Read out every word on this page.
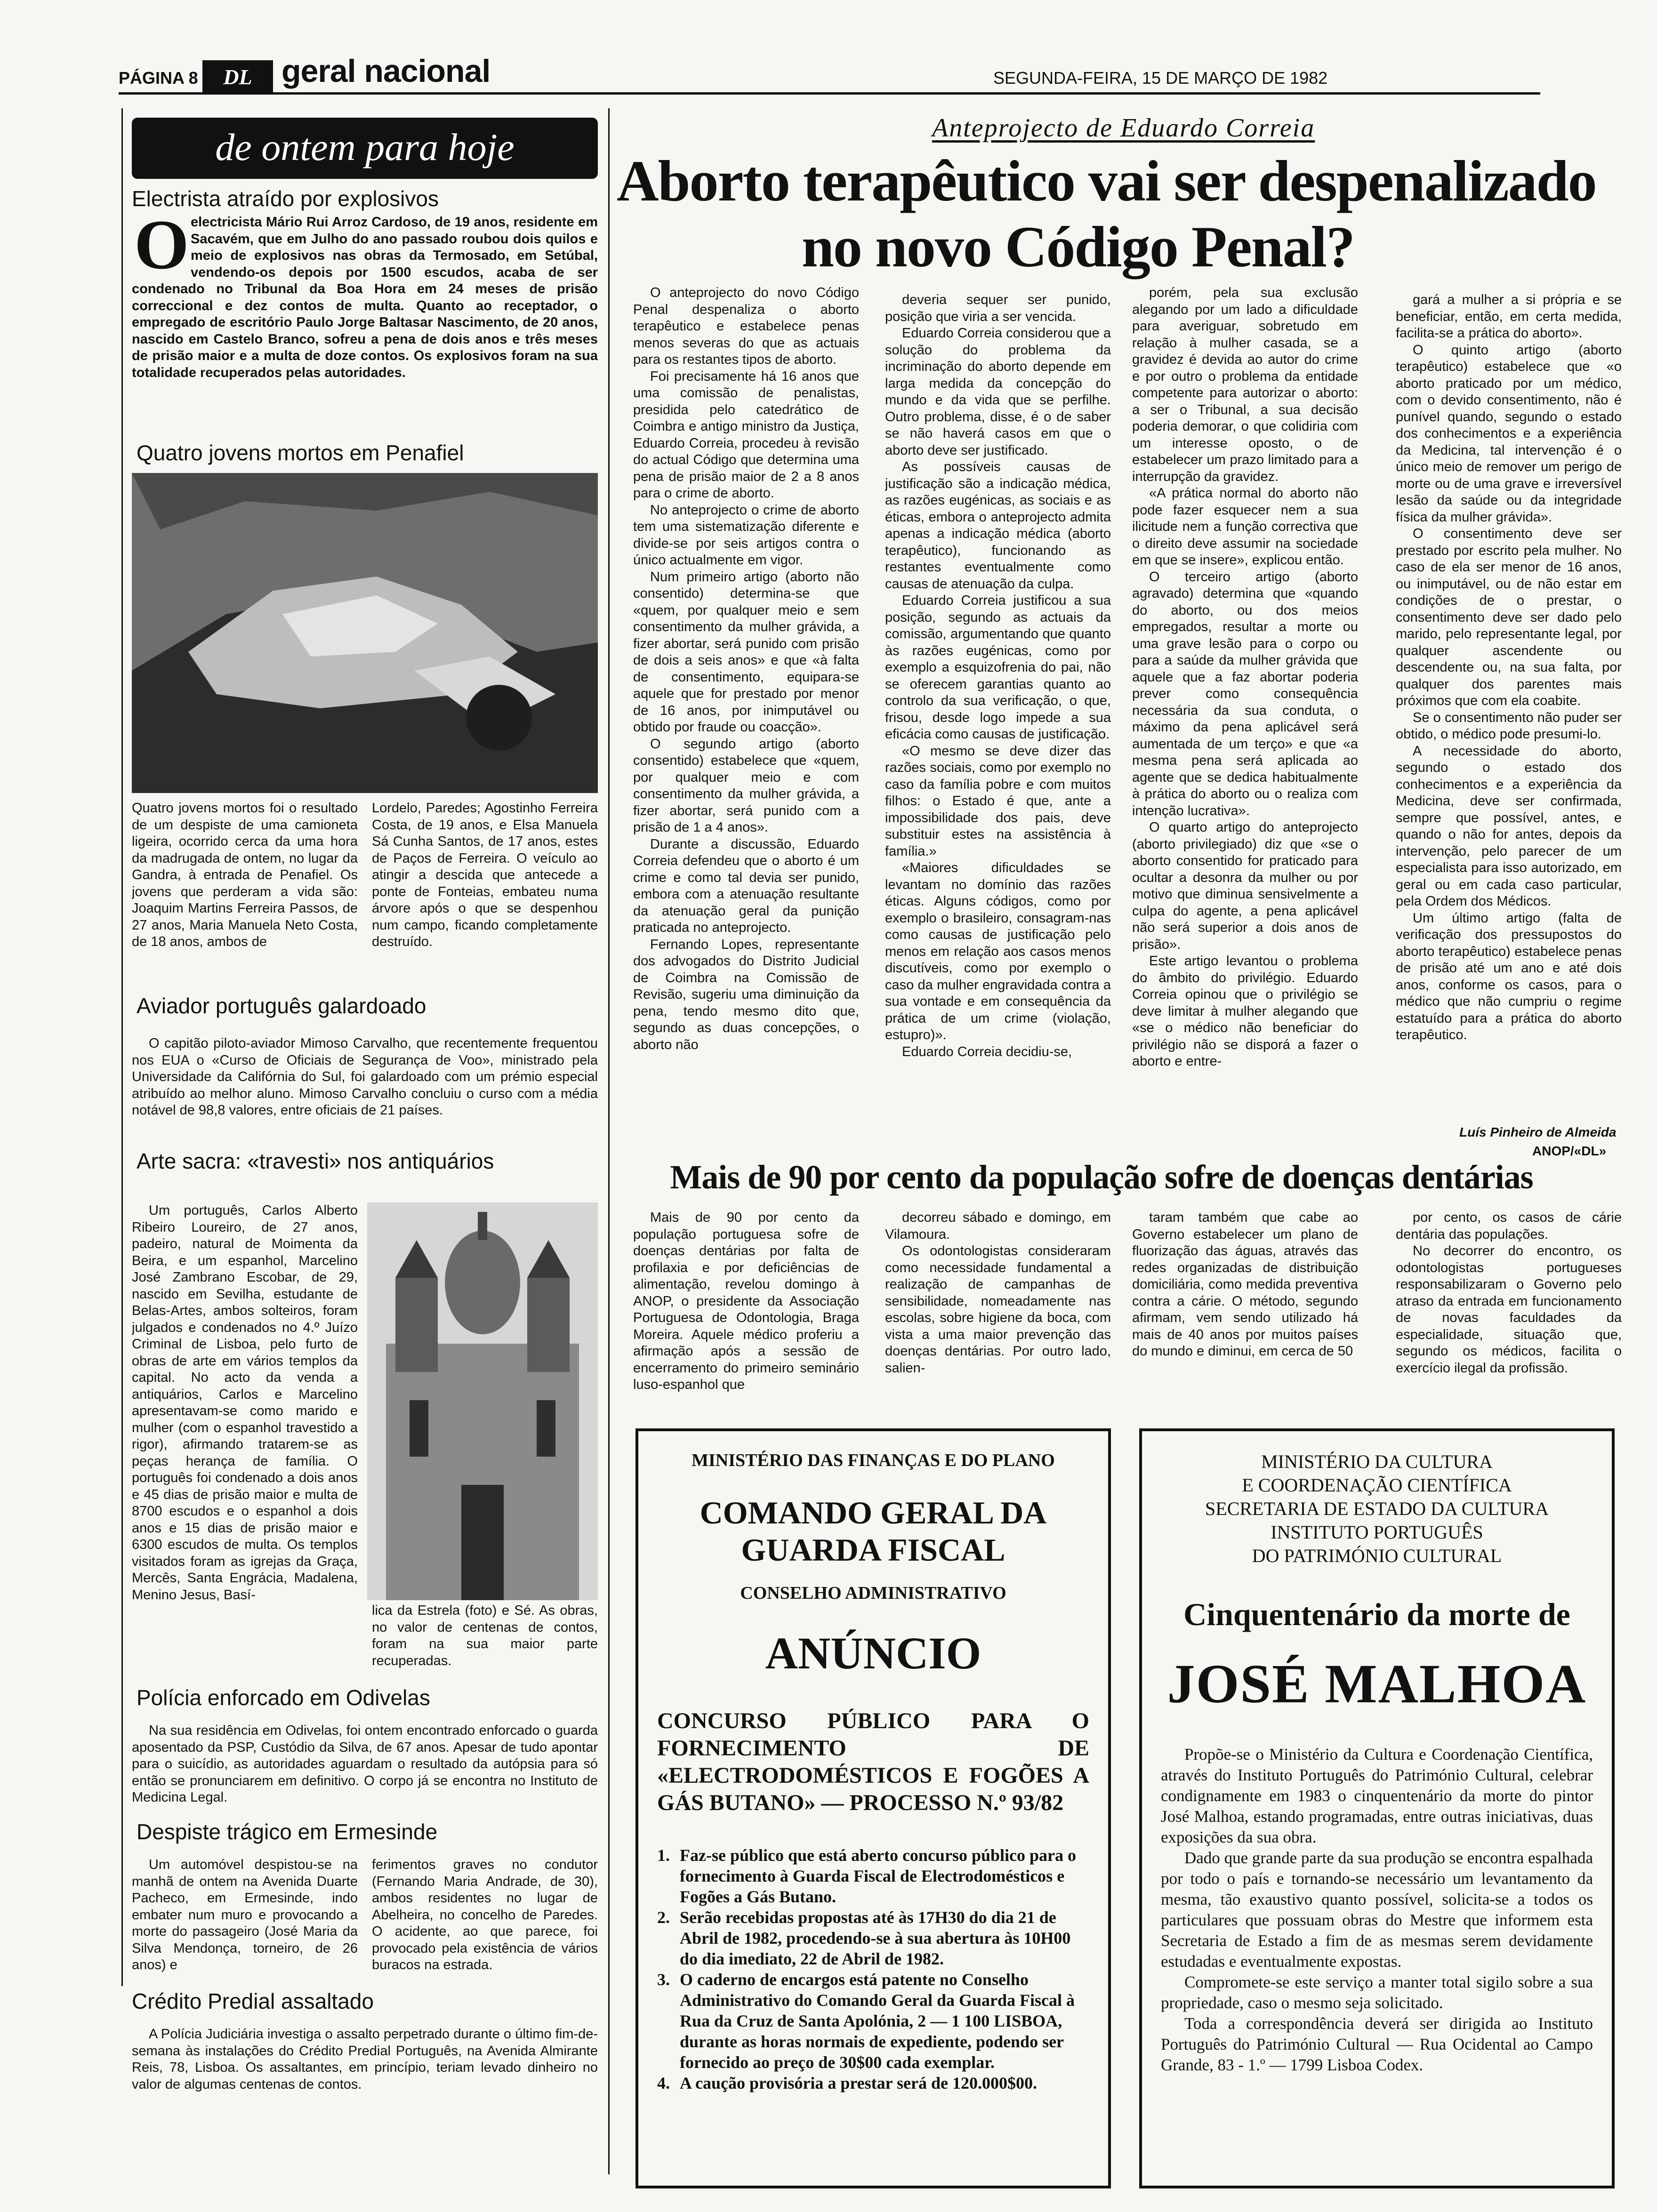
PÁGINA 8	DL geral nacional	SEGUNDA-FEIRA, 15 DE MARÇO DE 1982
de ontem para hoje
Electrista atraído por explosivos
O electricista Mário Rui Arroz Cardoso, de 19 anos, residente em Sacavém, que em Julho do ano passado roubou dois quilos e meio de explosivos nas obras da Termosado, em Setúbal, vendendo-os depois por 1500 escudos, acaba de ser condenado no Tribunal da Boa Hora em 24 meses de prisão correccional e dez contos de multa. Quanto ao receptador, o empregado de escritório Paulo Jorge Baltasar Nascimento, de 20 anos, nascido em Castelo Branco, sofreu a pena de dois anos e três meses de prisão maior e a multa de doze contos. Os explosivos foram na sua totalidade recuperados pelas autoridades.
Quatro jovens mortos em Penafiel
Quatro jovens mortos foi o resultado de um despiste de uma camioneta ligeira, ocorrido cerca da uma hora da madrugada de ontem, no lugar da Gandra, à entrada de Penafiel. Os jovens que perderam a vida são: Joaquim Martins Ferreira Passos, de 27 anos, Maria Manuela Neto Costa, de 18 anos, ambos de
Lordelo, Paredes; Agostinho Ferreira Costa, de 19 anos, e Elsa Manuela Sá Cunha Santos, de 17 anos, estes de Paços de Ferreira. O veículo ao atingir a descida que antecede a ponte de Fonteias, embateu numa árvore após o que se despenhou num campo, ficando completamente destruído.
Aviador português galardoado
O capitão piloto-aviador Mimoso Carvalho, que recentemente frequentou nos EUA o «Curso de Oficiais de Segurança de Voo», ministrado pela Universidade da Califórnia do Sul, foi galardoado com um prémio especial atribuído ao melhor aluno. Mimoso Carvalho concluiu o curso com a média notável de 98,8 valores, entre oficiais de 21 países.
Arte sacra: «travesti» nos antiquários
Um português, Carlos Alberto Ribeiro Loureiro, de 27 anos, padeiro, natural de Moimenta da Beira, e um espanhol, Marcelino José Zambrano Escobar, de 29, nascido em Sevilha, estudante de Belas-Artes, ambos solteiros, foram julgados e condenados no 4.º Juízo Criminal de Lisboa, pelo furto de obras de arte em vários templos da capital. No acto da venda a antiquários, Carlos e Marcelino apresentavam-se como marido e mulher (com o espanhol travestido a rigor), afirmando tratarem-se as peças herança de família. O português foi condenado a dois anos e 45 dias de prisão maior e multa de 8700 escudos e o espanhol a dois anos e 15 dias de prisão maior e 6300 escudos de multa. Os templos visitados foram as igrejas da Graça, Mercês, Santa Engrácia, Madalena, Menino Jesus, Basí-
lica da Estrela (foto) e Sé. As obras, no valor de centenas de contos, foram na sua maior parte recuperadas.
Polícia enforcado em Odivelas
Na sua residência em Odivelas, foi ontem encontrado enforcado o guarda aposentado da PSP, Custódio da Silva, de 67 anos. Apesar de tudo apontar para o suicídio, as autoridades aguardam o resultado da autópsia para só então se pronunciarem em definitivo. O corpo já se encontra no Instituto de Medicina Legal.
Despiste trágico em Ermesinde
Um automóvel despistou-se na manhã de ontem na Avenida Duarte Pacheco, em Ermesinde, indo embater num muro e provocando a morte do passageiro (José Maria da Silva Mendonça, torneiro, de 26 anos) e
ferimentos graves no condutor (Fernando Maria Andrade, de 30), ambos residentes no lugar de Abelheira, no concelho de Paredes. O acidente, ao que parece, foi provocado pela existência de vários buracos na estrada.
Crédito Predial assaltado
A Polícia Judiciária investiga o assalto perpetrado durante o último fim-de-semana às instalações do Crédito Predial Português, na Avenida Almirante Reis, 78, Lisboa. Os assaltantes, em princípio, teriam levado dinheiro no valor de algumas centenas de contos.
Anteprojecto de Eduardo Correia
Aborto terapêutico vai ser despenalizado
no novo Código Penal?

O anteprojecto do novo Código Penal despenaliza o aborto terapêutico e estabelece penas menos severas do que as actuais para os restantes tipos de aborto.

Foi precisamente há 16 anos que uma comissão de penalistas, presidida pelo catedrático de Coimbra e antigo ministro da Justiça, Eduardo Correia, procedeu à revisão do actual Código que determina uma pena de prisão maior de 2 a 8 anos para o crime de aborto.

No anteprojecto o crime de aborto tem uma sistematização diferente e divide-se por seis artigos contra o único actualmente em vigor.

Num primeiro artigo (aborto não consentido) determina-se que «quem, por qualquer meio e sem consentimento da mulher grávida, a fizer abortar, será punido com prisão de dois a seis anos» e que «à falta de consentimento, equipara-se aquele que for prestado por menor de 16 anos, por inimputável ou obtido por fraude ou coacção».

O segundo artigo (aborto consentido) estabelece que «quem, por qualquer meio e com consentimento da mulher grávida, a fizer abortar, será punido com a prisão de 1 a 4 anos».

Durante a discussão, Eduardo Correia defendeu que o aborto é um crime e como tal devia ser punido, embora com a atenuação resultante da atenuação geral da punição praticada no anteprojecto.

Fernando Lopes, representante dos advogados do Distrito Judicial de Coimbra na Comissão de Revisão, sugeriu uma diminuição da pena, tendo mesmo dito que, segundo as duas concepções, o aborto não

deveria sequer ser punido, posição que viria a ser vencida.

Eduardo Correia considerou que a solução do problema da incriminação do aborto depende em larga medida da concepção do mundo e da vida que se perfilhe. Outro problema, disse, é o de saber se não haverá casos em que o aborto deve ser justificado.

As possíveis causas de justificação são a indicação médica, as razões eugénicas, as sociais e as éticas, embora o anteprojecto admita apenas a indicação médica (aborto terapêutico), funcionando as restantes eventualmente como causas de atenuação da culpa.

Eduardo Correia justificou a sua posição, segundo as actuais da comissão, argumentando que quanto às razões eugénicas, como por exemplo a esquizofrenia do pai, não se oferecem garantias quanto ao controlo da sua verificação, o que, frisou, desde logo impede a sua eficácia como causas de justificação.

«O mesmo se deve dizer das razões sociais, como por exemplo no caso da família pobre e com muitos filhos: o Estado é que, ante a impossibilidade dos pais, deve substituir estes na assistência à família.»

«Maiores dificuldades se levantam no domínio das razões éticas. Alguns códigos, como por exemplo o brasileiro, consagram-nas como causas de justificação pelo menos em relação aos casos menos discutíveis, como por exemplo o caso da mulher engravidada contra a sua vontade e em consequência da prática de um crime (violação, estupro)».

Eduardo Correia decidiu-se,

porém, pela sua exclusão alegando por um lado a dificuldade para averiguar, sobretudo em relação à mulher casada, se a gravidez é devida ao autor do crime e por outro o problema da entidade competente para autorizar o aborto: a ser o Tribunal, a sua decisão poderia demorar, o que colidiria com um interesse oposto, o de estabelecer um prazo limitado para a interrupção da gravidez.

«A prática normal do aborto não pode fazer esquecer nem a sua ilicitude nem a função correctiva que o direito deve assumir na sociedade em que se insere», explicou então.

O terceiro artigo (aborto agravado) determina que «quando do aborto, ou dos meios empregados, resultar a morte ou uma grave lesão para o corpo ou para a saúde da mulher grávida que aquele que a faz abortar poderia prever como consequência necessária da sua conduta, o máximo da pena aplicável será aumentada de um terço» e que «a mesma pena será aplicada ao agente que se dedica habitualmente à prática do aborto ou o realiza com intenção lucrativa».

O quarto artigo do anteprojecto (aborto privilegiado) diz que «se o aborto consentido for praticado para ocultar a desonra da mulher ou por motivo que diminua sensivelmente a culpa do agente, a pena aplicável não será superior a dois anos de prisão».

Este artigo levantou o problema do âmbito do privilégio. Eduardo Correia opinou que o privilégio se deve limitar à mulher alegando que «se o médico não beneficiar do privilégio não se disporá a fazer o aborto e entre-

gará a mulher a si própria e se beneficiar, então, em certa medida, facilita-se a prática do aborto».

O quinto artigo (aborto terapêutico) estabelece que «o aborto praticado por um médico, com o devido consentimento, não é punível quando, segundo o estado dos conhecimentos e a experiência da Medicina, tal intervenção é o único meio de remover um perigo de morte ou de uma grave e irreversível lesão da saúde ou da integridade física da mulher grávida».

O consentimento deve ser prestado por escrito pela mulher. No caso de ela ser menor de 16 anos, ou inimputável, ou de não estar em condições de o prestar, o consentimento deve ser dado pelo marido, pelo representante legal, por qualquer ascendente ou descendente ou, na sua falta, por qualquer dos parentes mais próximos que com ela coabite.

Se o consentimento não puder ser obtido, o médico pode presumi-lo.

A necessidade do aborto, segundo o estado dos conhecimentos e a experiência da Medicina, deve ser confirmada, sempre que possível, antes, e quando o não for antes, depois da intervenção, pelo parecer de um especialista para isso autorizado, em geral ou em cada caso particular, pela Ordem dos Médicos.

Um último artigo (falta de verificação dos pressupostos do aborto terapêutico) estabelece penas de prisão até um ano e até dois anos, conforme os casos, para o médico que não cumpriu o regime estatuído para a prática do aborto terapêutico.

Luís Pinheiro de Almeida
ANOP/«DL»
Mais de 90 por cento da população sofre de doenças dentárias

Mais de 90 por cento da população portuguesa sofre de doenças dentárias por falta de profilaxia e por deficiências de alimentação, revelou domingo à ANOP, o presidente da Associação Portuguesa de Odontologia, Braga Moreira. Aquele médico proferiu a afirmação após a sessão de encerramento do primeiro seminário luso-espanhol que

decorreu sábado e domingo, em Vilamoura.

Os odontologistas consideraram como necessidade fundamental a realização de campanhas de sensibilidade, nomeadamente nas escolas, sobre higiene da boca, com vista a uma maior prevenção das doenças dentárias. Por outro lado, salien-

taram também que cabe ao Governo estabelecer um plano de fluorização das águas, através das redes organizadas de distribuição domiciliária, como medida preventiva contra a cárie. O método, segundo afirmam, vem sendo utilizado há mais de 40 anos por muitos países do mundo e diminui, em cerca de 50

por cento, os casos de cárie dentária das populações.

No decorrer do encontro, os odontologistas portugueses responsabilizaram o Governo pelo atraso da entrada em funcionamento de novas faculdades da especialidade, situação que, segundo os médicos, facilita o exercício ilegal da profissão.

MINISTÉRIO DAS FINANÇAS E DO PLANO
COMANDO GERAL DA
GUARDA FISCAL
CONSELHO ADMINISTRATIVO
ANÚNCIO
CONCURSO PÚBLICO PARA O FORNECIMENTO DE «ELECTRODOMÉSTICOS E FOGÕES A GÁS BUTANO» — PROCESSO N.º 93/82
1. Faz-se público que está aberto concurso público para o fornecimento à Guarda Fiscal de Electrodomésticos e Fogões a Gás Butano.
2. Serão recebidas propostas até às 17H30 do dia 21 de Abril de 1982, procedendo-se à sua abertura às 10H00 do dia imediato, 22 de Abril de 1982.
3. O caderno de encargos está patente no Conselho Administrativo do Comando Geral da Guarda Fiscal à Rua da Cruz de Santa Apolónia, 2 — 1 100 LISBOA, durante as horas normais de expediente, podendo ser fornecido ao preço de 30$00 cada exemplar.
4. A caução provisória a prestar será de 120.000$00.
MINISTÉRIO DA CULTURA
E COORDENAÇÃO CIENTÍFICA
SECRETARIA DE ESTADO DA CULTURA
INSTITUTO PORTUGUÊS
DO PATRIMÓNIO CULTURAL
Cinquentenário da morte de
JOSÉ MALHOA

Propõe-se o Ministério da Cultura e Coordenação Científica, através do Instituto Português do Património Cultural, celebrar condignamente em 1983 o cinquentenário da morte do pintor José Malhoa, estando programadas, entre outras iniciativas, duas exposições da sua obra.

Dado que grande parte da sua produção se encontra espalhada por todo o país e tornando-se necessário um levantamento da mesma, tão exaustivo quanto possível, solicita-se a todos os particulares que possuam obras do Mestre que informem esta Secretaria de Estado a fim de as mesmas serem devidamente estudadas e eventualmente expostas.

Compromete-se este serviço a manter total sigilo sobre a sua propriedade, caso o mesmo seja solicitado.

Toda a correspondência deverá ser dirigida ao Instituto Português do Património Cultural — Rua Ocidental ao Campo Grande, 83 - 1.º — 1799 Lisboa Codex.
